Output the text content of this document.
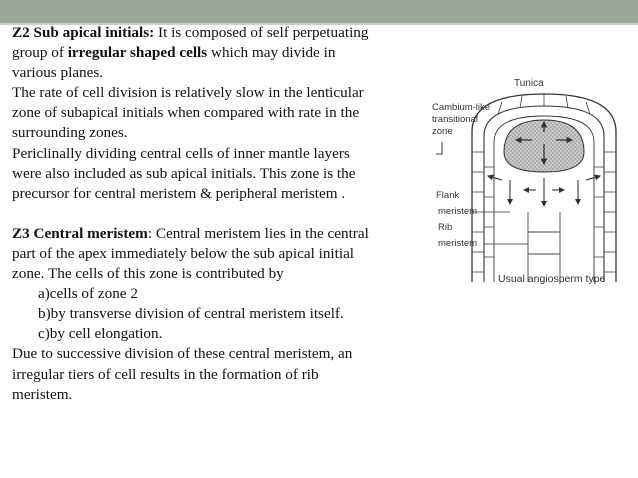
Z2 Sub apical initials: It is composed of self perpetuating

group of irregular shaped cells which may divide in

various planes.

The rate of cell division is relatively slow in the lenticular

zone of subapical initials when compared with rate in the

surrounding zones.

Periclinally dividing central cells of inner mantle layers

were also included as sub apical initials. This zone is the

precursor for central meristem & peripheral meristem .

Z3 Central meristem: Central meristem lies in the central

part of the apex immediately below the sub apical initial

zone. The cells of this zone is contributed by

a)cells of zone 2

b)by transverse division of central meristem itself.

c)by cell elongation.

Due to successive division of these central meristem, an

irregular tiers of cell results in the formation of rib

meristem.

Tunica
Cambium-like
transitional
zone
Flank
meristem
Rib
meristem
Usual angiosperm type
